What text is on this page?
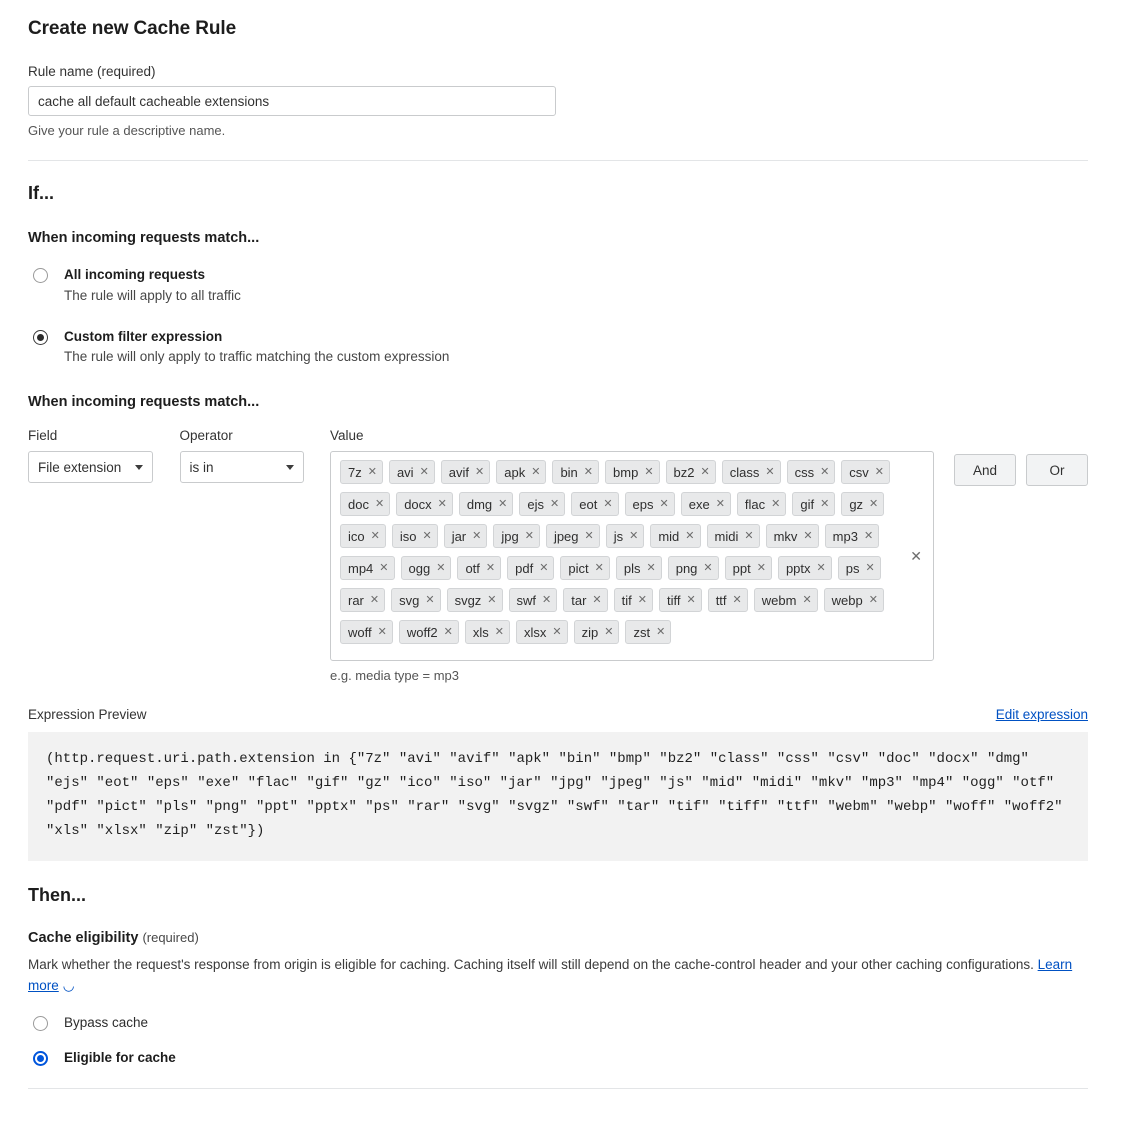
Create new Cache Rule
Rule name (required)
cache all default cacheable extensions
Give your rule a descriptive name.
If...
When incoming requests match...
All incoming requests
The rule will apply to all traffic
Custom filter expression
The rule will only apply to traffic matching the custom expression
When incoming requests match...
Field
File extension
Operator
is in
Value
7z ✕ avi ✕ avif ✕ apk ✕ bin ✕ bmp ✕ bz2 ✕ class ✕ css ✕ csv ✕
doc ✕ docx ✕ dmg ✕ ejs ✕ eot ✕ eps ✕ exe ✕ flac ✕ gif ✕ gz ✕
ico ✕ iso ✕ jar ✕ jpg ✕ jpeg ✕ js ✕ mid ✕ midi ✕ mkv ✕ mp3 ✕
mp4 ✕ ogg ✕ otf ✕ pdf ✕ pict ✕ pls ✕ png ✕ ppt ✕ pptx ✕ ps ✕
rar ✕ svg ✕ svgz ✕ swf ✕ tar ✕ tif ✕ tiff ✕ ttf ✕ webm ✕ webp ✕
woff ✕ woff2 ✕ xls ✕ xlsx ✕ zip ✕ zst ✕
✕
e.g. media type = mp3
And	Or
Expression Preview	Edit expression
(http.request.uri.path.extension in {"7z" "avi" "avif" "apk" "bin" "bmp" "bz2" "class" "css" "csv" "doc" "docx" "dmg" "ejs" "eot" "eps" "exe" "flac" "gif" "gz" "ico" "iso" "jar" "jpg" "jpeg" "js" "mid" "midi" "mkv" "mp3" "mp4" "ogg" "otf" "pdf" "pict" "pls" "png" "ppt" "pptx" "ps" "rar" "svg" "svgz" "swf" "tar" "tif" "tiff" "ttf" "webm" "webp" "woff" "woff2" "xls" "xlsx" "zip" "zst"})
Then...
Cache eligibility (required)
Mark whether the request's response from origin is eligible for caching. Caching itself will still depend on the cache-control header and your other caching configurations. Learn more ◡
Bypass cache
Eligible for cache
